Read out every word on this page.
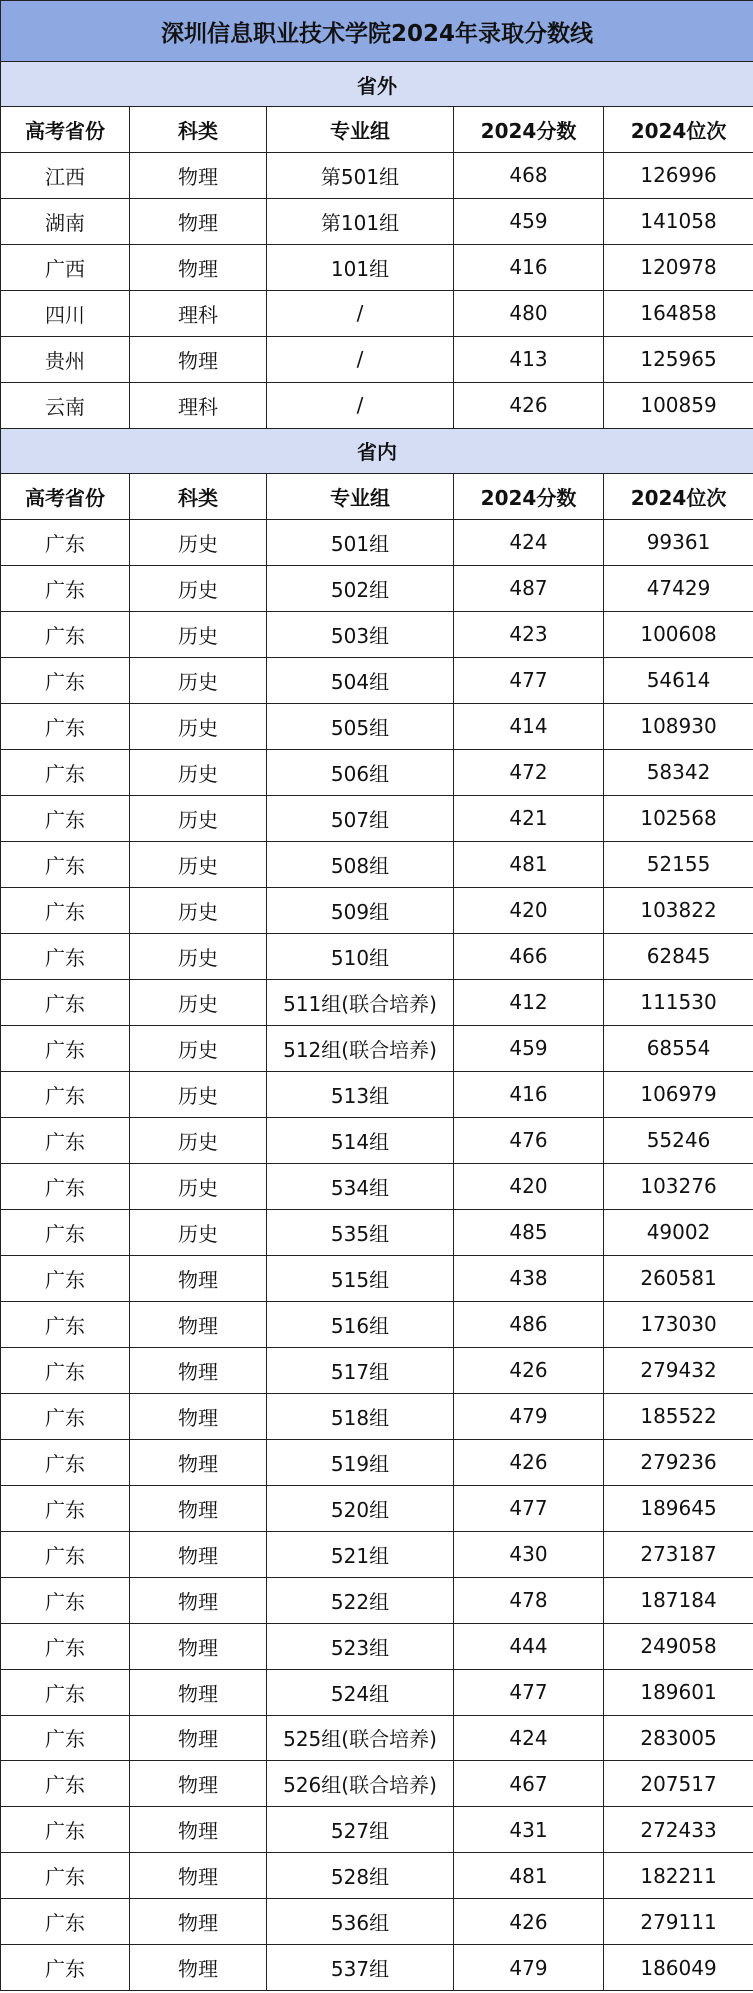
深圳信息职业技术学院2024年录取分数线				
省外				
高考省份	科类	专业组	2024分数	2024位次
江西	物理	第501组	468	126996
湖南	物理	第101组	459	141058
广西	物理	101组	416	120978
四川	理科	/	480	164858
贵州	物理	/	413	125965
云南	理科	/	426	100859
省内				
高考省份	科类	专业组	2024分数	2024位次
广东	历史	501组	424	99361
广东	历史	502组	487	47429
广东	历史	503组	423	100608
广东	历史	504组	477	54614
广东	历史	505组	414	108930
广东	历史	506组	472	58342
广东	历史	507组	421	102568
广东	历史	508组	481	52155
广东	历史	509组	420	103822
广东	历史	510组	466	62845
广东	历史	511组(联合培养)	412	111530
广东	历史	512组(联合培养)	459	68554
广东	历史	513组	416	106979
广东	历史	514组	476	55246
广东	历史	534组	420	103276
广东	历史	535组	485	49002
广东	物理	515组	438	260581
广东	物理	516组	486	173030
广东	物理	517组	426	279432
广东	物理	518组	479	185522
广东	物理	519组	426	279236
广东	物理	520组	477	189645
广东	物理	521组	430	273187
广东	物理	522组	478	187184
广东	物理	523组	444	249058
广东	物理	524组	477	189601
广东	物理	525组(联合培养)	424	283005
广东	物理	526组(联合培养)	467	207517
广东	物理	527组	431	272433
广东	物理	528组	481	182211
广东	物理	536组	426	279111
广东	物理	537组	479	186049
